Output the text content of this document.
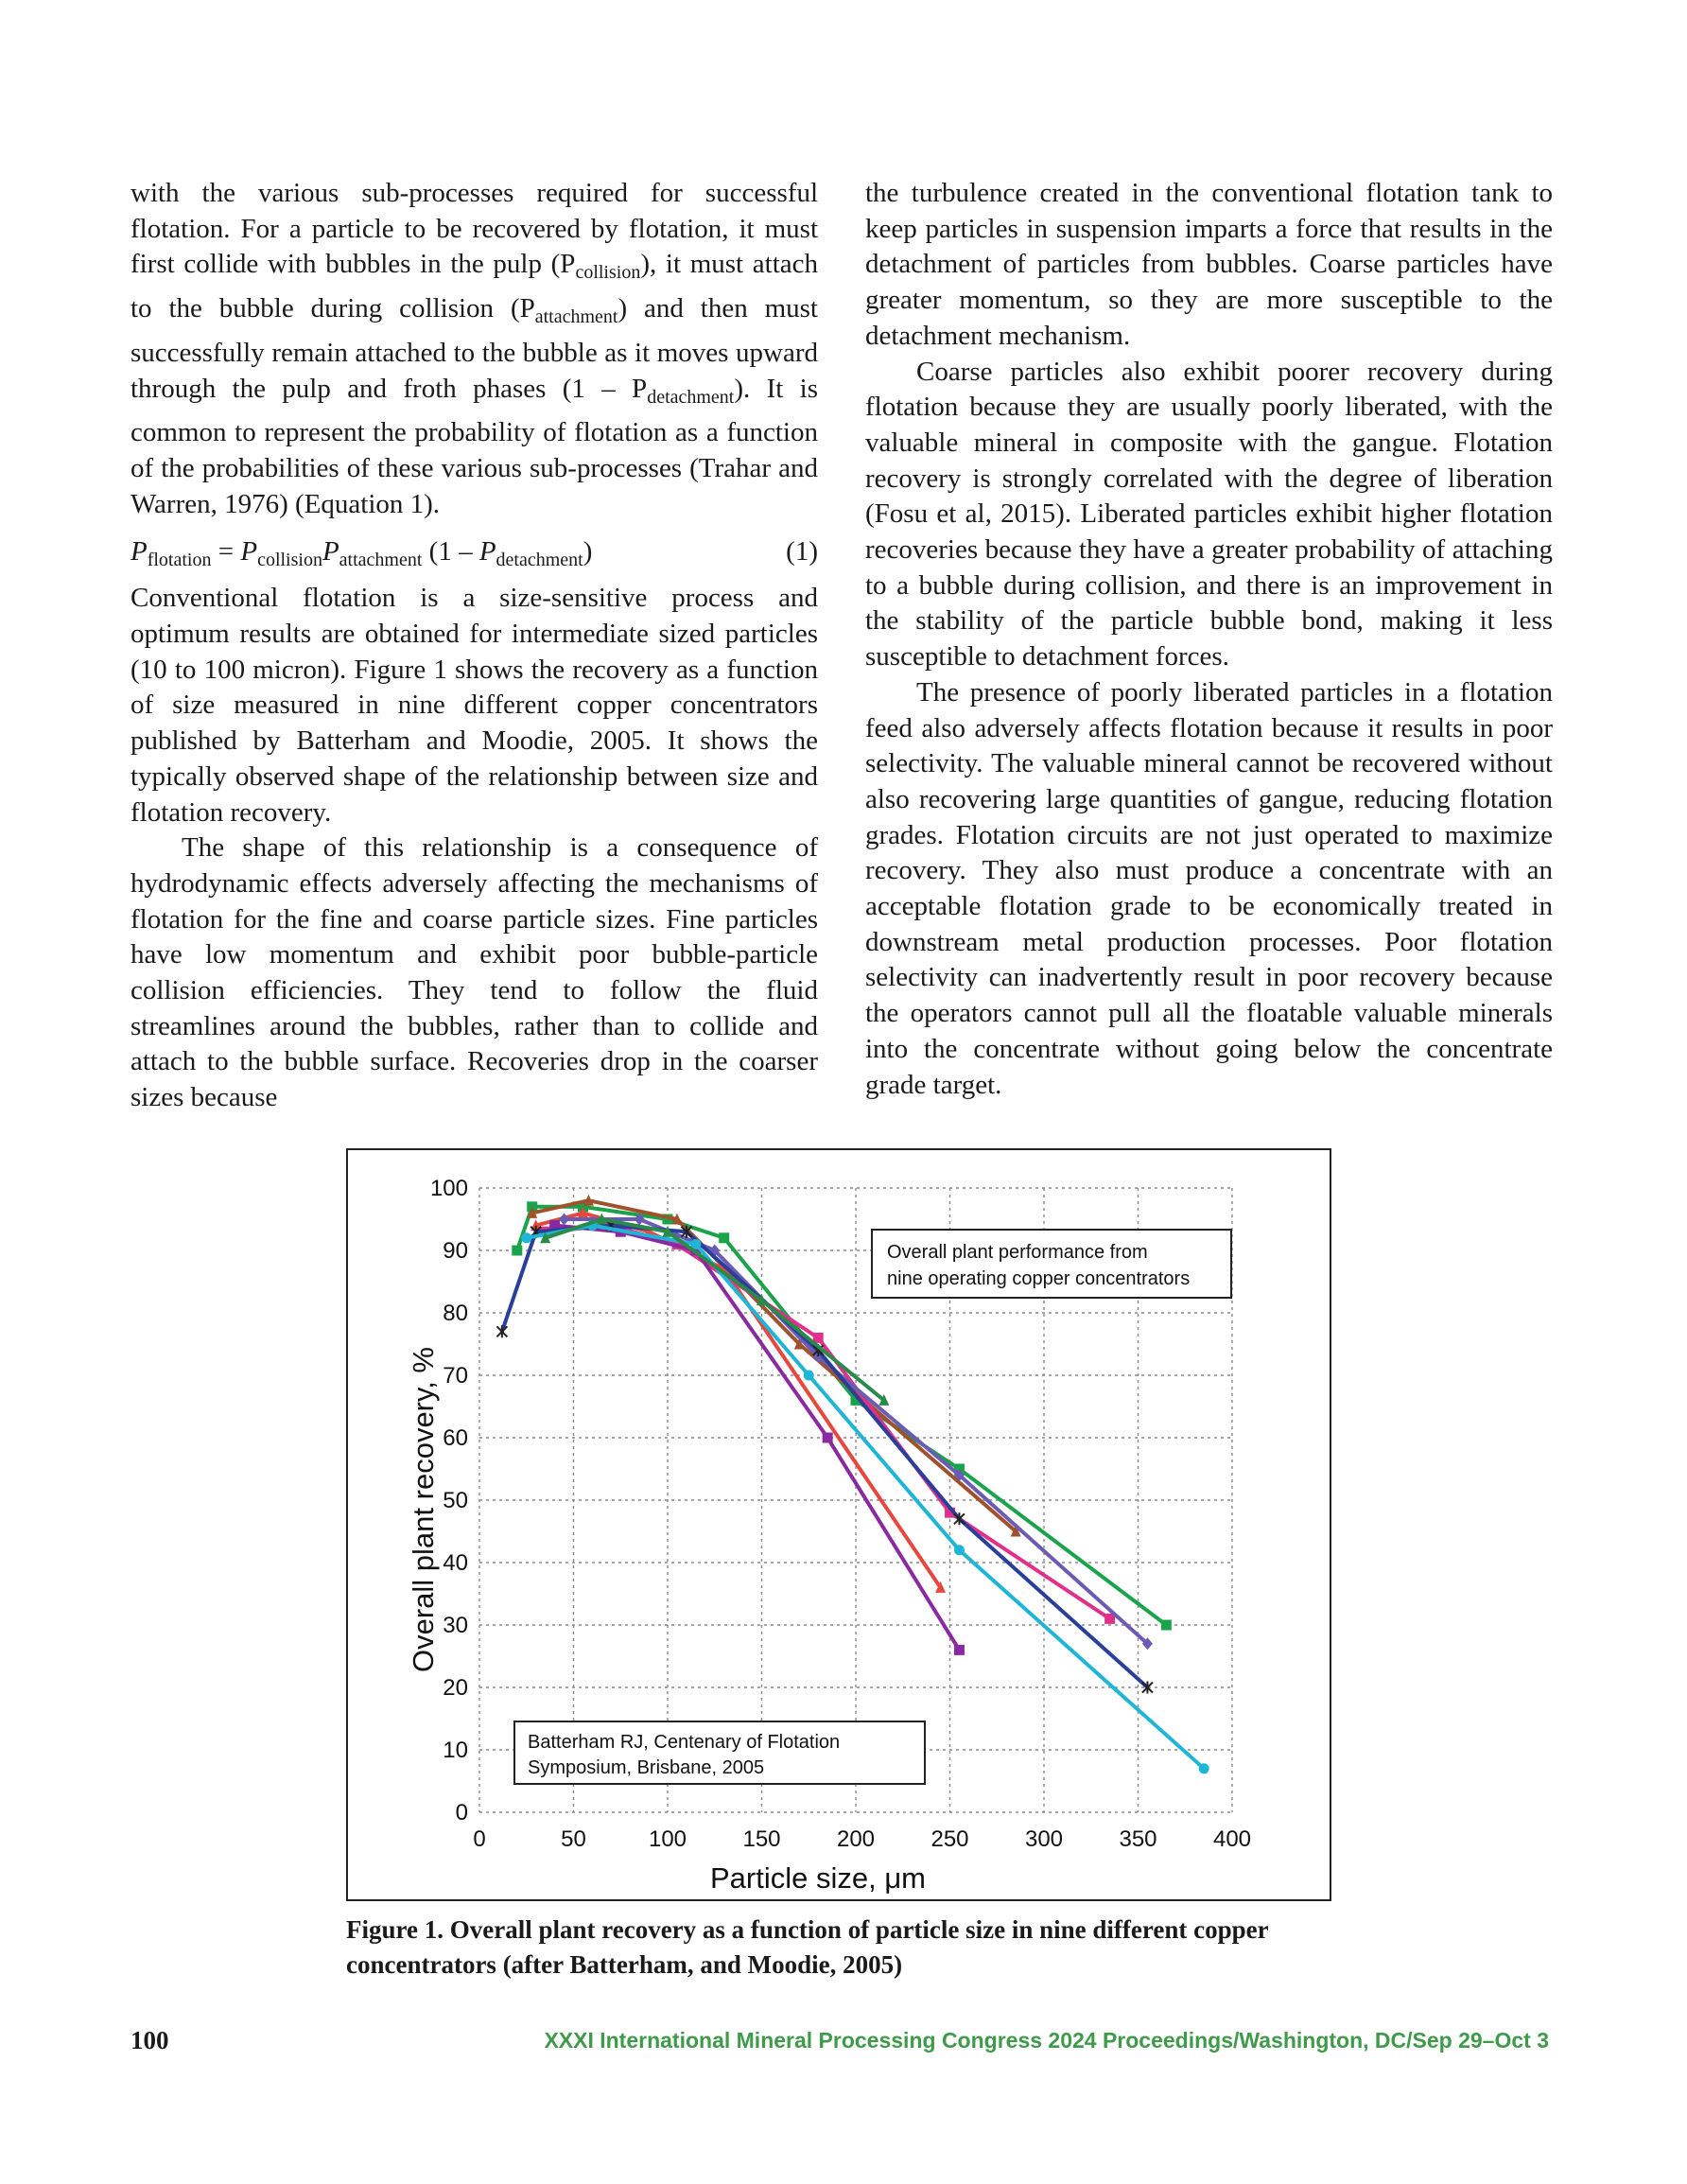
with the various sub-processes required for successful flotation. For a particle to be recovered by flotation, it must first collide with bubbles in the pulp $(P_{collision})$, it must attach to the bubble during collision $(P_{attachment})$ and then must successfully remain attached to the bubble as it moves upward through the pulp and froth phases $(1 - P_{detachment})$. It is common to represent the probability of flotation as a function of the probabilities of these various sub-processes (Trahar and Warren, 1976) (Equation 1).

$P_{flotation} = P_{collision}P_{attachment}$ $(1 - P_{detachment})$	(1)

Conventional flotation is a size-sensitive process and optimum results are obtained for intermediate sized particles (10 to 100 micron). Figure 1 shows the recovery as a function of size measured in nine different copper concentrators published by Batterham and Moodie, 2005. It shows the typically observed shape of the relationship between size and flotation recovery.

The shape of this relationship is a consequence of hydrodynamic effects adversely affecting the mechanisms of flotation for the fine and coarse particle sizes. Fine particles have low momentum and exhibit poor bubble-particle collision efficiencies. They tend to follow the fluid streamlines around the bubbles, rather than to collide and attach to the bubble surface. Recoveries drop in the coarser sizes because

the turbulence created in the conventional flotation tank to keep particles in suspension imparts a force that results in the detachment of particles from bubbles. Coarse particles have greater momentum, so they are more susceptible to the detachment mechanism.

Coarse particles also exhibit poorer recovery during flotation because they are usually poorly liberated, with the valuable mineral in composite with the gangue. Flotation recovery is strongly correlated with the degree of liberation (Fosu et al, 2015). Liberated particles exhibit higher flotation recoveries because they have a greater probability of attaching to a bubble during collision, and there is an improvement in the stability of the particle bubble bond, making it less susceptible to detachment forces.

The presence of poorly liberated particles in a flotation feed also adversely affects flotation because it results in poor selectivity. The valuable mineral cannot be recovered without also recovering large quantities of gangue, reducing flotation grades. Flotation circuits are not just operated to maximize recovery. They also must produce a concentrate with an acceptable flotation grade to be economically treated in downstream metal production processes. Poor flotation selectivity can inadvertently result in poor recovery because the operators cannot pull all the floatable valuable minerals into the concentrate without going below the concentrate grade target.

0	50	100 150 200 250 300 350 400
0
10
20
30
40
50
60
70
80
90
100
Particle size, μm
Overall plant recovery, %
Overall plant performance from
nine operating copper concentrators
Batterham RJ, Centenary of Flotation
Symposium, Brisbane, 2005
Figure 1. Overall plant recovery as a function of particle size in nine different copper concentrators (after Batterham, and Moodie, 2005)
100	XXXI International Mineral Processing Congress 2024 Proceedings/Washington, DC/Sep 29–Oct 3
